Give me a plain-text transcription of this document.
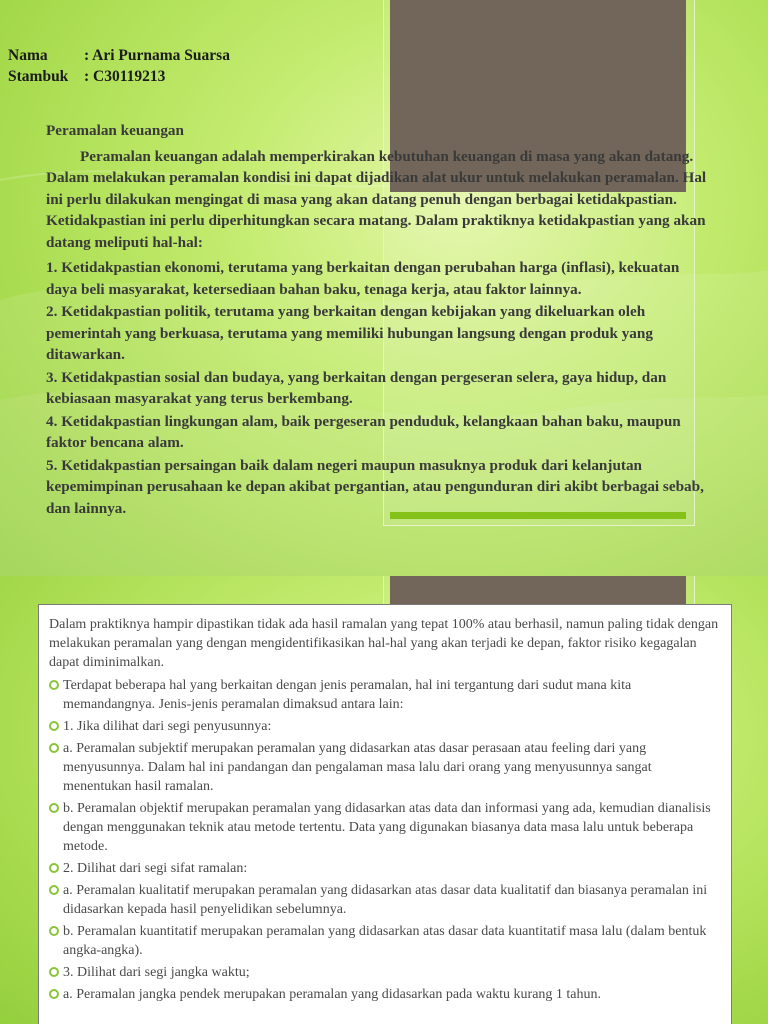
Nama	: Ari Purnama Suarsa
Stambuk	: C30119213
Peramalan keuangan

Peramalan keuangan adalah memperkirakan kebutuhan keuangan di masa yang akan datang. Dalam melakukan peramalan kondisi ini dapat dijadikan alat ukur untuk melakukan peramalan. Hal ini perlu dilakukan mengingat di masa yang akan datang penuh dengan berbagai ketidakpastian. Ketidakpastian ini perlu diperhitungkan secara matang. Dalam praktiknya ketidakpastian yang akan datang meliputi hal-hal:

1. Ketidakpastian ekonomi, terutama yang berkaitan dengan perubahan harga (inflasi), kekuatan daya beli masyarakat, ketersediaan bahan baku, tenaga kerja, atau faktor lainnya.

2. Ketidakpastian politik, terutama yang berkaitan dengan kebijakan yang dikeluarkan oleh pemerintah yang berkuasa, terutama yang memiliki hubungan langsung dengan produk yang ditawarkan.

3. Ketidakpastian sosial dan budaya, yang berkaitan dengan pergeseran selera, gaya hidup, dan kebiasaan masyarakat yang terus berkembang.

4. Ketidakpastian lingkungan alam, baik pergeseran penduduk, kelangkaan bahan baku, maupun faktor bencana alam.

5. Ketidakpastian persaingan baik dalam negeri maupun masuknya produk dari kelanjutan kepemimpinan perusahaan ke depan akibat pergantian, atau pengunduran diri akibt berbagai sebab, dan lainnya.

Dalam praktiknya hampir dipastikan tidak ada hasil ramalan yang tepat 100% atau berhasil, namun paling tidak dengan melakukan peramalan yang dengan mengidentifikasikan hal-hal yang akan terjadi ke depan, faktor risiko kegagalan dapat diminimalkan.

Terdapat beberapa hal yang berkaitan dengan jenis peramalan, hal ini tergantung dari sudut mana kita memandangnya. Jenis-jenis peramalan dimaksud antara lain:
1. Jika dilihat dari segi penyusunnya:
a. Peramalan subjektif merupakan peramalan yang didasarkan atas dasar perasaan atau feeling dari yang menyusunnya. Dalam hal ini pandangan dan pengalaman masa lalu dari orang yang menyusunnya sangat menentukan hasil ramalan.
b. Peramalan objektif merupakan peramalan yang didasarkan atas data dan informasi yang ada, kemudian dianalisis dengan menggunakan teknik atau metode tertentu. Data yang digunakan biasanya data masa lalu untuk beberapa metode.
2. Dilihat dari segi sifat ramalan:
a. Peramalan kualitatif merupakan peramalan yang didasarkan atas dasar data kualitatif dan biasanya peramalan ini didasarkan kepada hasil penyelidikan sebelumnya.
b. Peramalan kuantitatif merupakan peramalan yang didasarkan atas dasar data kuantitatif masa lalu (dalam bentuk angka-angka).
3. Dilihat dari segi jangka waktu;
a. Peramalan jangka pendek merupakan peramalan yang didasarkan pada waktu kurang 1 tahun.
